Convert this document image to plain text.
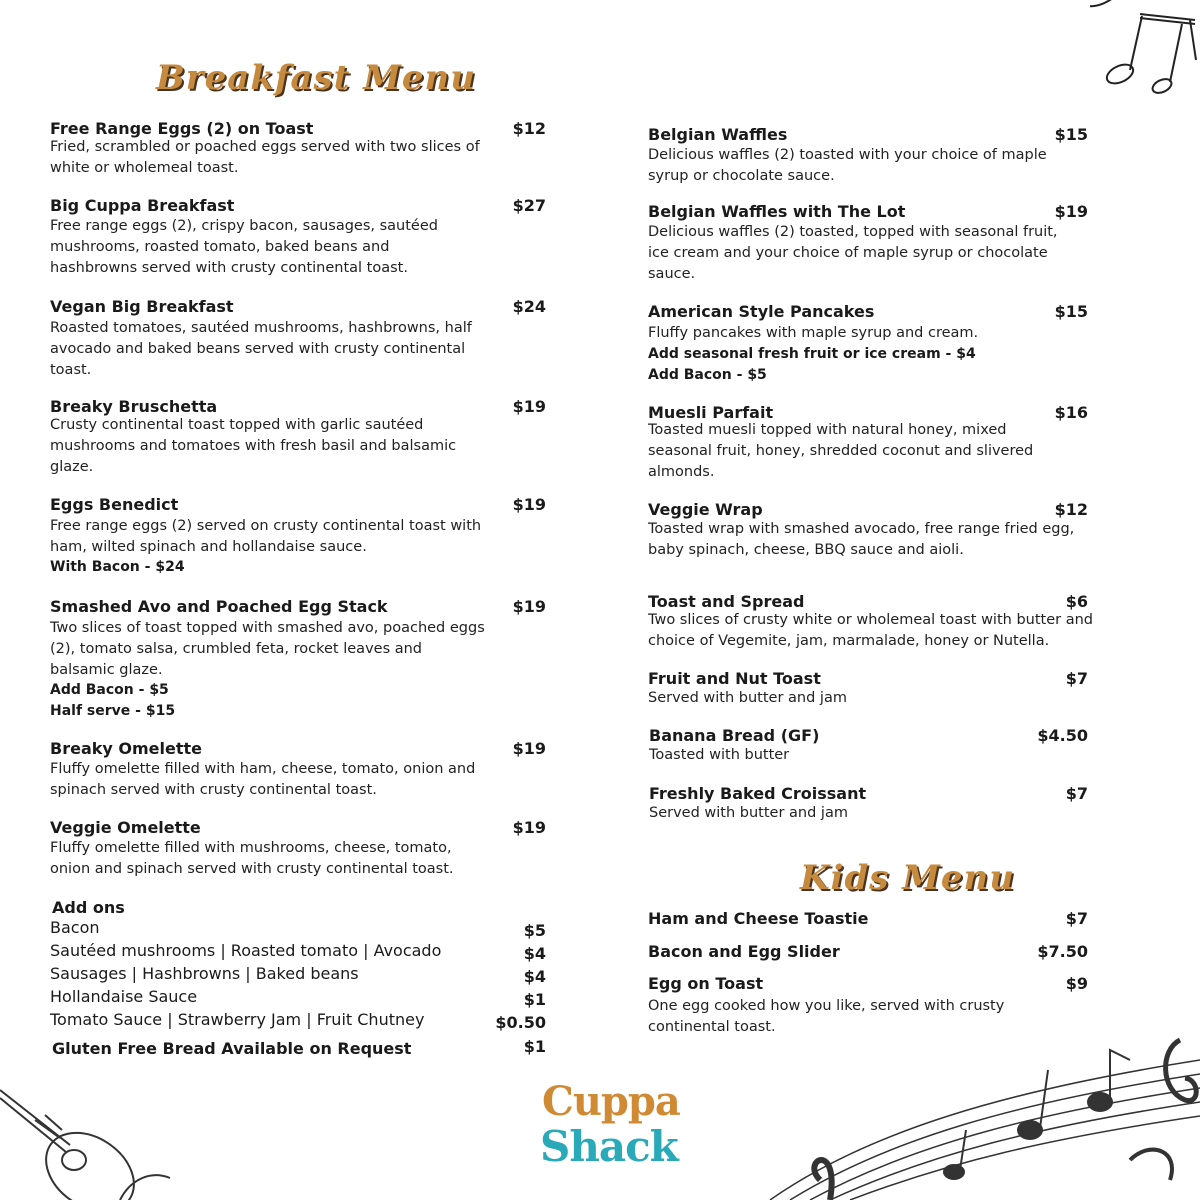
Breakfast Menu
Kids Menu
Free Range Eggs (2) on Toast	$12
Fried, scrambled or poached eggs served with two slices of white or wholemeal toast.
Big Cuppa Breakfast	$27
Free range eggs (2), crispy bacon, sausages, sautéed mushrooms, roasted tomato, baked beans and hashbrowns served with crusty continental toast.
Vegan Big Breakfast	$24
Roasted tomatoes, sautéed mushrooms, hashbrowns, half avocado and baked beans served with crusty continental toast.
Breaky Bruschetta	$19
Crusty continental toast topped with garlic sautéed mushrooms and tomatoes with fresh basil and balsamic glaze.
Eggs Benedict	$19
Free range eggs (2) served on crusty continental toast with ham, wilted spinach and hollandaise sauce.
With Bacon - $24
Smashed Avo and Poached Egg Stack	$19
Two slices of toast topped with smashed avo, poached eggs (2), tomato salsa, crumbled feta, rocket leaves and balsamic glaze.
Add Bacon - $5
Half serve - $15
Breaky Omelette	$19
Fluffy omelette filled with ham, cheese, tomato, onion and spinach served with crusty continental toast.
Veggie Omelette	$19
Fluffy omelette filled with mushrooms, cheese, tomato, onion and spinach served with crusty continental toast.
Add ons
Bacon	$5
Sautéed mushrooms | Roasted tomato | Avocado	$4
Sausages | Hashbrowns | Baked beans	$4
Hollandaise Sauce	$1
Tomato Sauce | Strawberry Jam | Fruit Chutney	$0.50
Gluten Free Bread Available on Request	$1
Belgian Waffles	$15
Delicious waffles (2) toasted with your choice of maple syrup or chocolate sauce.
Belgian Waffles with The Lot	$19
Delicious waffles (2) toasted, topped with seasonal fruit, ice cream and your choice of maple syrup or chocolate sauce.
American Style Pancakes	$15
Fluffy pancakes with maple syrup and cream.
Add seasonal fresh fruit or ice cream - $4
Add Bacon - $5
Muesli Parfait	$16
Toasted muesli topped with natural honey, mixed seasonal fruit, honey, shredded coconut and slivered almonds.
Veggie Wrap	$12
Toasted wrap with smashed avocado, free range fried egg, baby spinach, cheese, BBQ sauce and aioli.
Toast and Spread	$6
Two slices of crusty white or wholemeal toast with butter and choice of Vegemite, jam, marmalade, honey or Nutella.
Fruit and Nut Toast	$7
Served with butter and jam
Banana Bread (GF)	$4.50
Toasted with butter
Freshly Baked Croissant	$7
Served with butter and jam
Ham and Cheese Toastie	$7
Bacon and Egg Slider	$7.50
Egg on Toast	$9
One egg cooked how you like, served with crusty continental toast.
Cuppa
Shack
